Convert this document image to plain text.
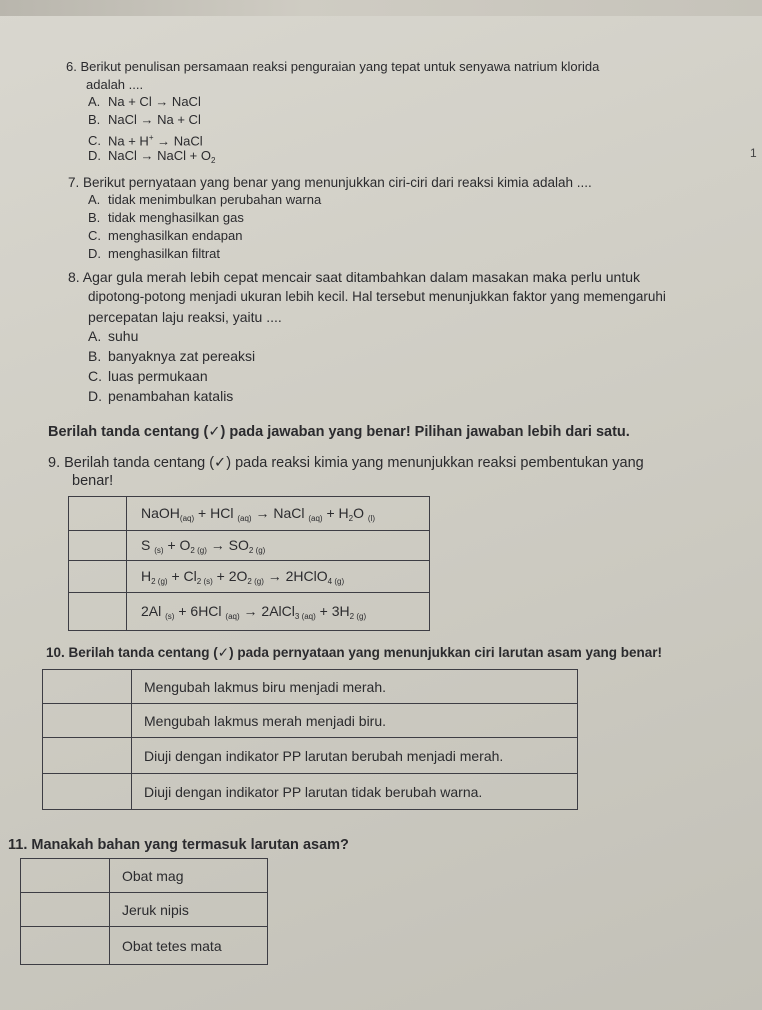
6. Berikut penulisan persamaan reaksi penguraian yang tepat untuk senyawa natrium klorida
adalah ....
A. Na + Cl → NaCl
B. NaCl → Na + Cl
C. Na + H+ → NaCl
D. NaCl → NaCl + $O_2$
1
7. Berikut pernyataan yang benar yang menunjukkan ciri-ciri dari reaksi kimia adalah ....
A. tidak menimbulkan perubahan warna
B. tidak menghasilkan gas
C. menghasilkan endapan
D. menghasilkan filtrat
8. Agar gula merah lebih cepat mencair saat ditambahkan dalam masakan maka perlu untuk
dipotong-potong menjadi ukuran lebih kecil. Hal tersebut menunjukkan faktor yang memengaruhi
percepatan laju reaksi, yaitu ....
A. suhu
B. banyaknya zat pereaksi
C. luas permukaan
D. penambahan katalis
Berilah tanda centang (✓) pada jawaban yang benar! Pilihan jawaban lebih dari satu.
9. Berilah tanda centang (✓) pada reaksi kimia yang menunjukkan reaksi pembentukan yang
benar!
	NaOH$_{(aq)}$ + HCl $_{(aq)}$ → NaCl $_{(aq)} + H_2O$ $_{(l)}$
	S $_{(s)} + O_{2 (g)} \to SO_{2 (g)}$
	$H_{2 (g)} + Cl_{2 (s)} + 2O_{2 (g)}$ → 2HClO$_{4 (g)}$
	2Al $_{(s)}$ + 6HCl $_{(aq)}$ → 2AlCl$_{3 (aq)}$ + $3H_{2 (g)}$
10. Berilah tanda centang (✓) pada pernyataan yang menunjukkan ciri larutan asam yang benar!
	Mengubah lakmus biru menjadi merah.
	Mengubah lakmus merah menjadi biru.
	Diuji dengan indikator PP larutan berubah menjadi merah.
	Diuji dengan indikator PP larutan tidak berubah warna.
11. Manakah bahan yang termasuk larutan asam?
	Obat mag
	Jeruk nipis
	Obat tetes mata
